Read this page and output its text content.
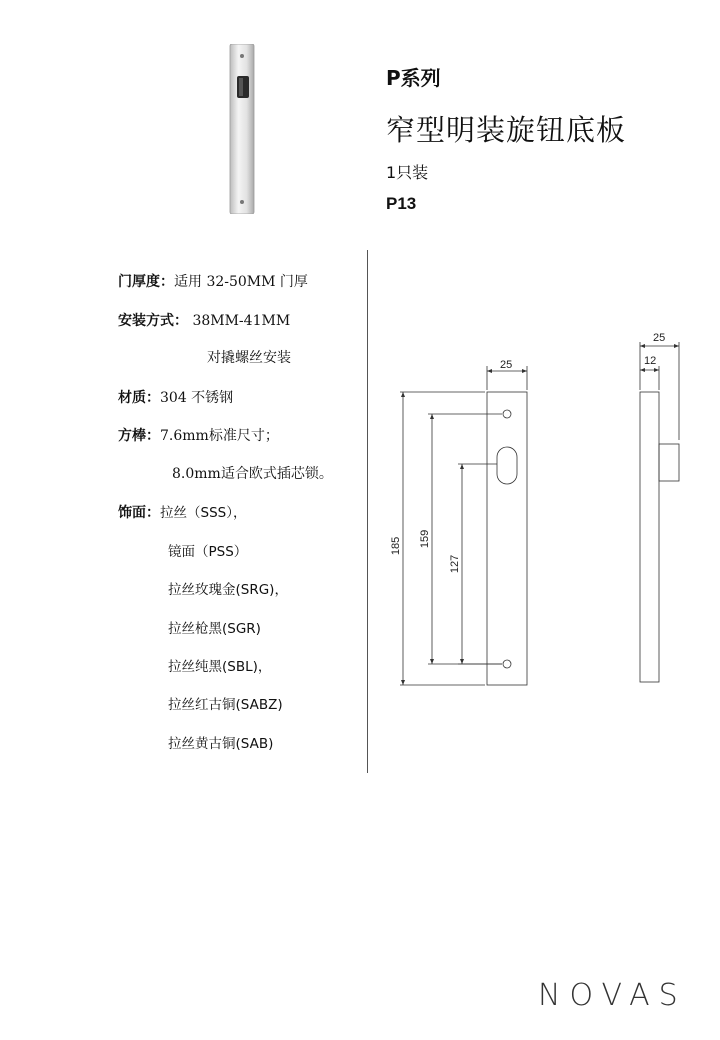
P系列
窄型明装旋钮底板
1只装
P13
门厚度：适用 32-50MM 门厚
安装方式： 38MM-41MM
对撬螺丝安装
材质：304 不锈钢
方棒：7.6mm标准尺寸；
8.0mm适合欧式插芯锁。
饰面：拉丝（SSS），
镜面（PSS）
拉丝玫瑰金(SRG)，
拉丝枪黑(SGR)
拉丝纯黑(SBL)，
拉丝红古铜(SABZ)
拉丝黄古铜(SAB)
25
185 159
127
25
12
NOVAS
